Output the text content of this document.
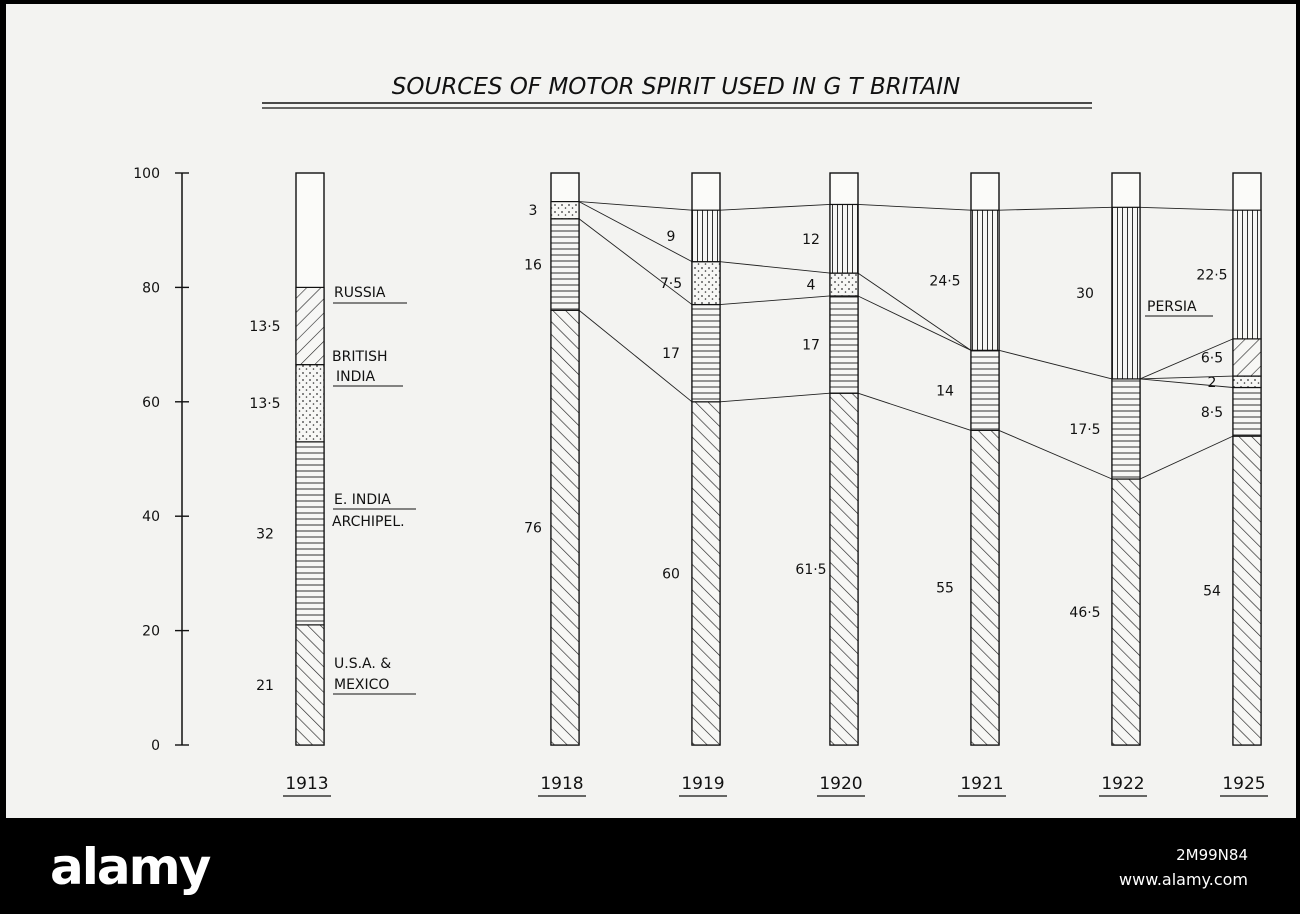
alamy	2M99N84
www.alamy.com
SOURCES OF MOTOR SPIRIT USED IN G T BRITAIN
0
20
40
60
80
100
21
32
13·5
13·5
76
16
3
60
17
7·5
9
61·5
17
4
12
55
14
24·5
46·5
17·5
30
54
8·5
2
6·5
22·5
RUSSIA
BRITISH
INDIA
E. INDIA
ARCHIPEL.
U.S.A. &
MEXICO
PERSIA
1913	1918	1919	1920	1921	1922	1925
